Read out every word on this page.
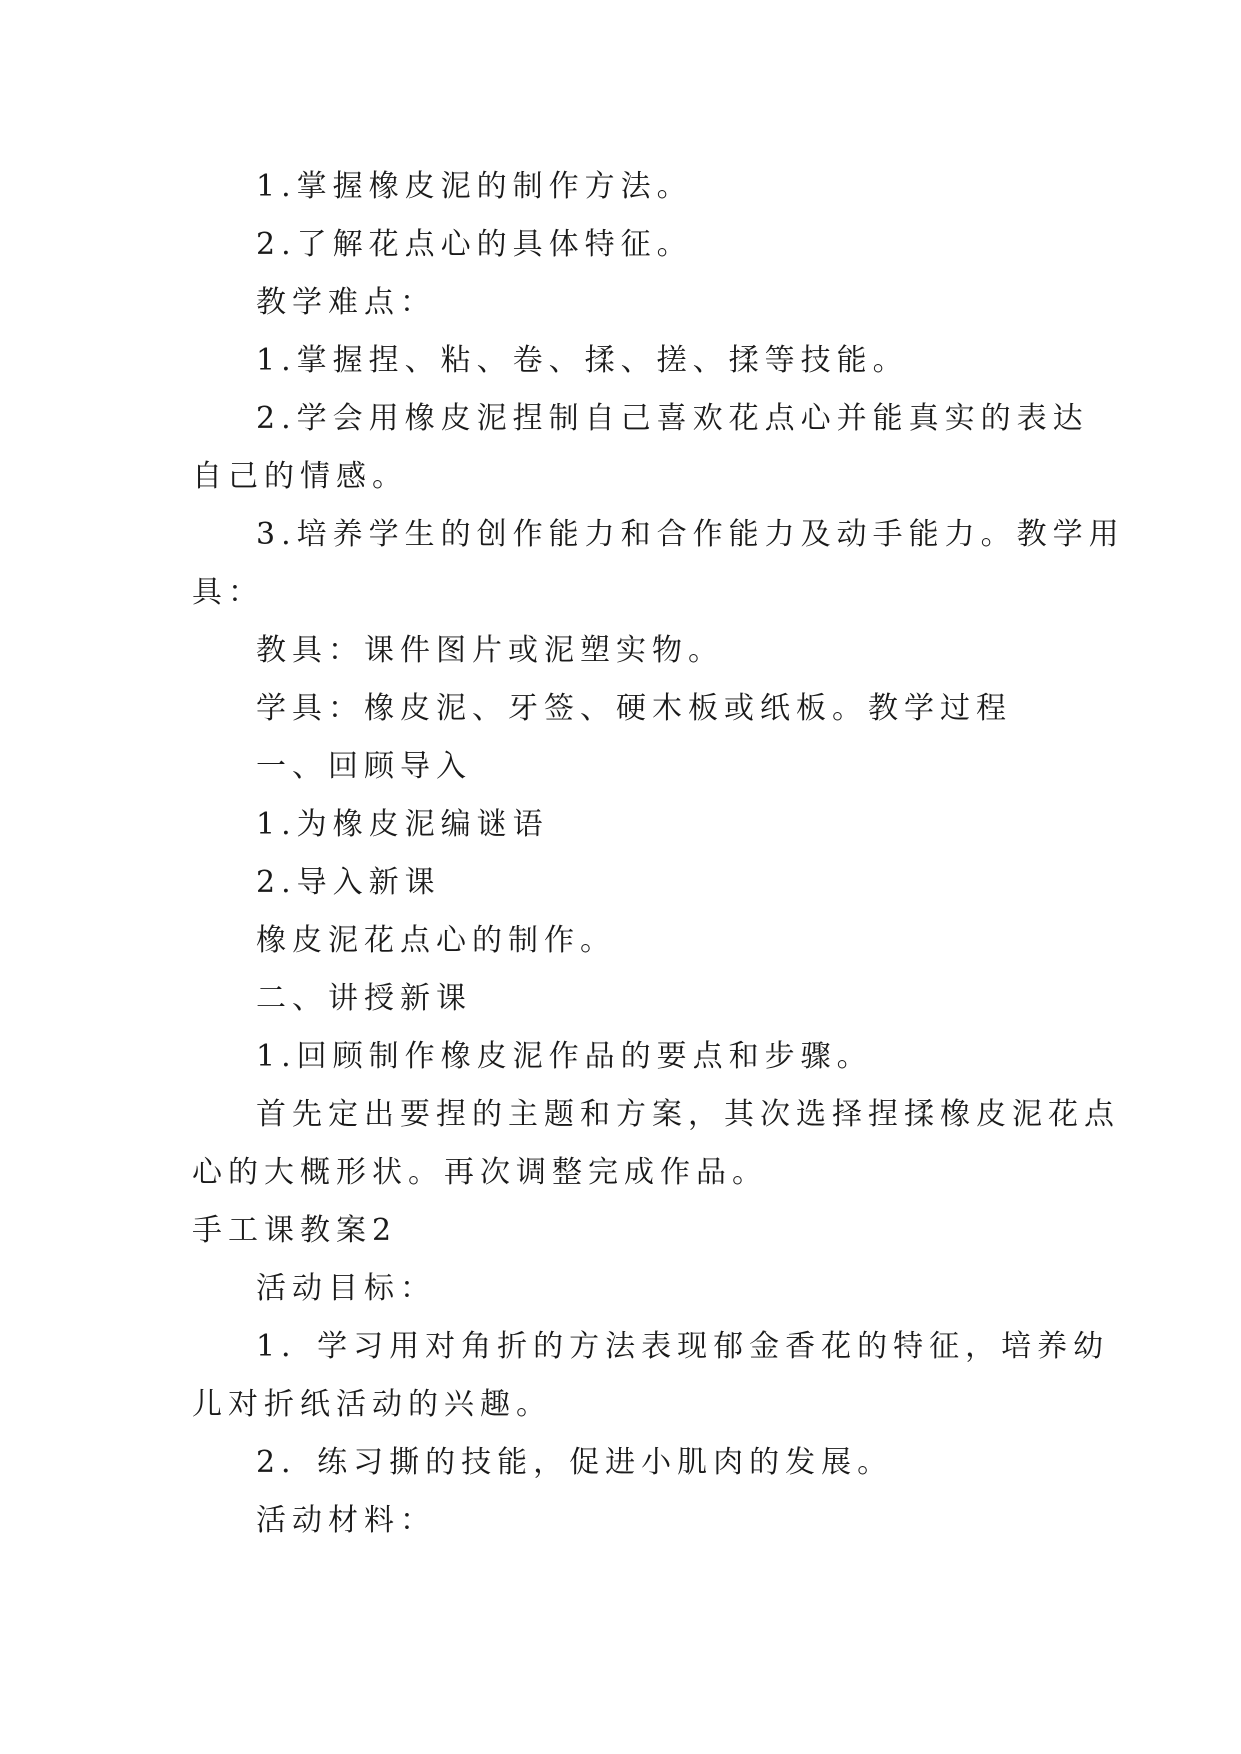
1.掌握橡皮泥的制作方法。
2.了解花点心的具体特征。
教学难点：
1.掌握捏、粘、卷、揉、搓、揉等技能。
2.学会用橡皮泥捏制自己喜欢花点心并能真实的表达
自己的情感。
3.培养学生的创作能力和合作能力及动手能力。教学用
具：
教具：课件图片或泥塑实物。
学具：橡皮泥、牙签、硬木板或纸板。教学过程
一、回顾导入
1.为橡皮泥编谜语
2.导入新课
橡皮泥花点心的制作。
二、讲授新课
1.回顾制作橡皮泥作品的要点和步骤。
首先定出要捏的主题和方案，其次选择捏揉橡皮泥花点
心的大概形状。再次调整完成作品。
手工课教案2
活动目标：
1．学习用对角折的方法表现郁金香花的特征，培养幼
儿对折纸活动的兴趣。
2．练习撕的技能，促进小肌肉的发展。
活动材料：
